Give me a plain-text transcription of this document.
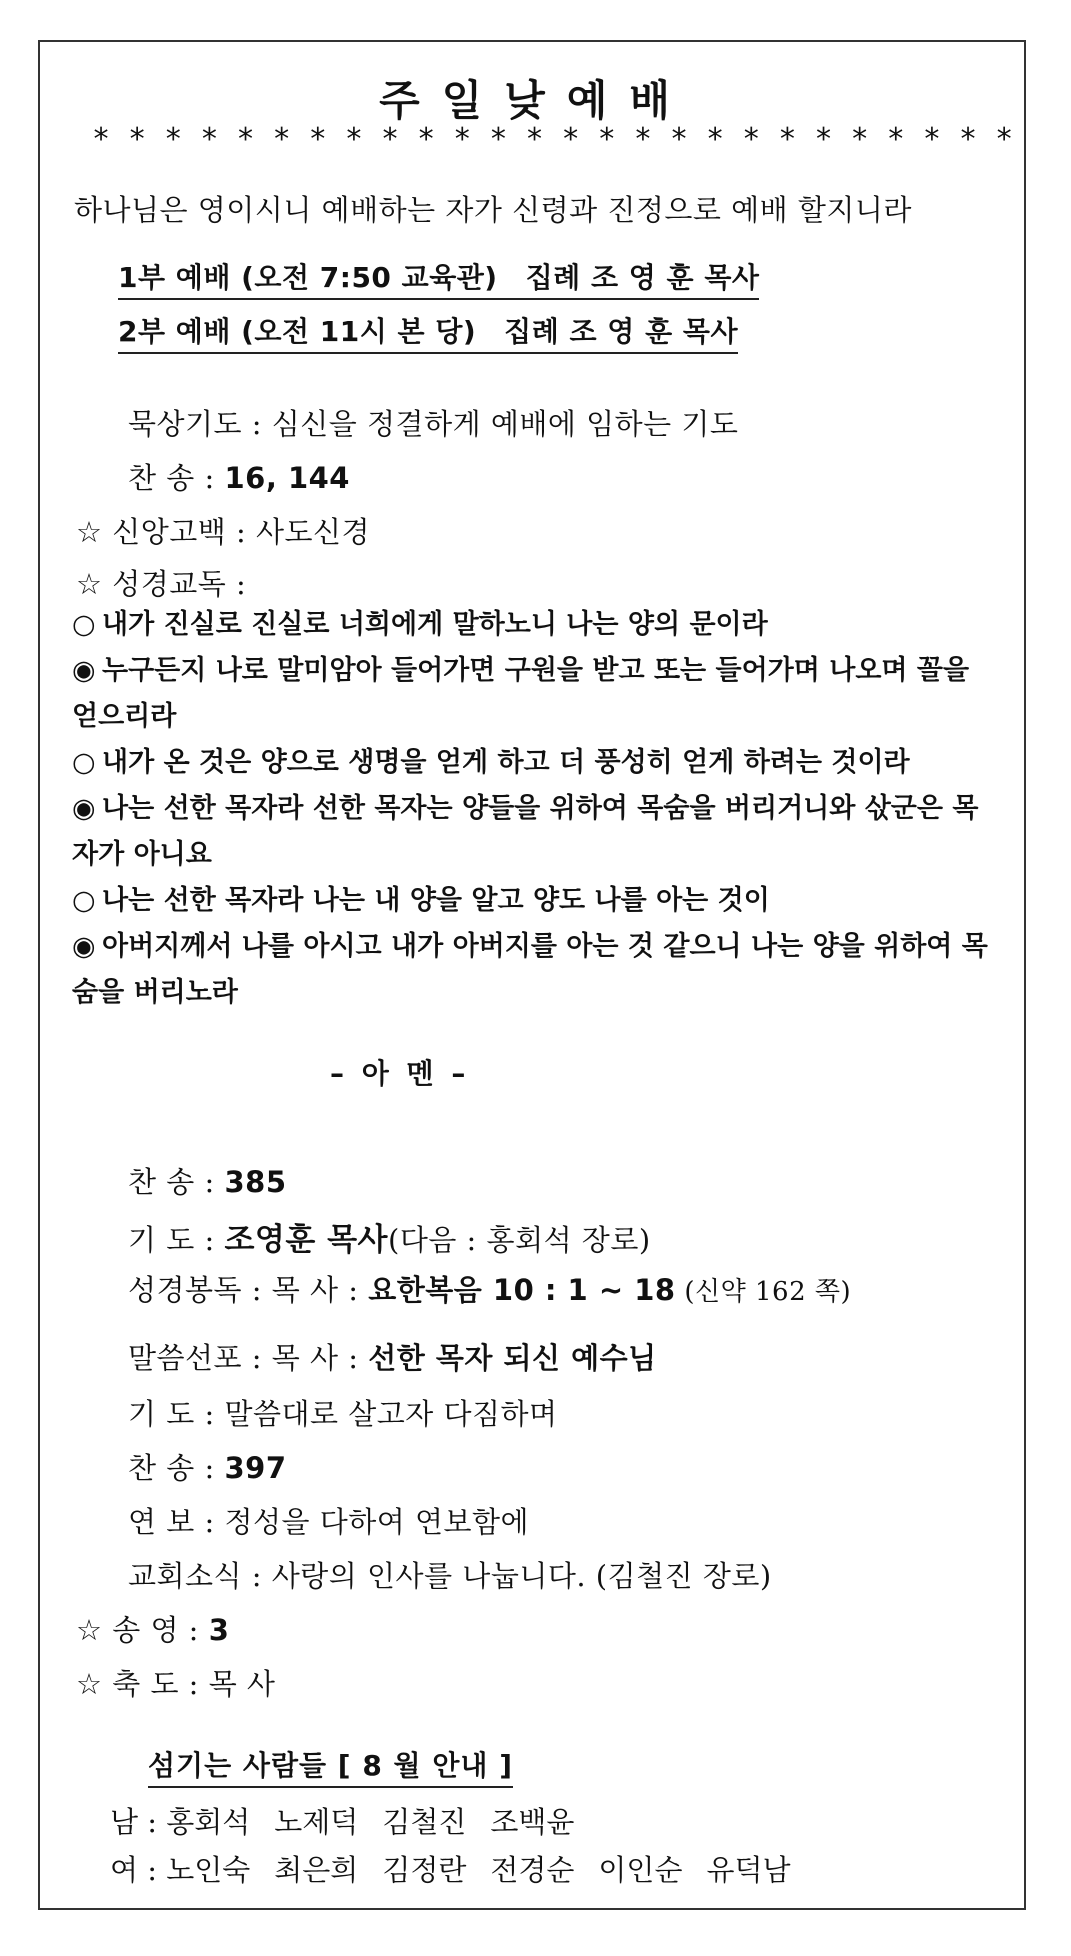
주일낮예배
* * * * * * * * * * * * * * * * * * * * * * * * * *
하나님은 영이시니 예배하는 자가 신령과 진정으로 예배 할지니라
1부 예배 (오전 7:50 교육관) 집례 조 영 훈 목사
2부 예배 (오전 11시 본 당) 집례 조 영 훈 목사
묵상기도 : 심신을 정결하게 예배에 임하는 기도
찬 송 : 16, 144
☆ 신앙고백 : 사도신경
☆ 성경교독 :
○ 내가 진실로 진실로 너희에게 말하노니 나는 양의 문이라
◉ 누구든지 나로 말미암아 들어가면 구원을 받고 또는 들어가며 나오며 꼴을 얻으리라
○ 내가 온 것은 양으로 생명을 얻게 하고 더 풍성히 얻게 하려는 것이라
◉ 나는 선한 목자라 선한 목자는 양들을 위하여 목숨을 버리거니와 삯군은 목자가 아니요
○ 나는 선한 목자라 나는 내 양을 알고 양도 나를 아는 것이
◉ 아버지께서 나를 아시고 내가 아버지를 아는 것 같으니 나는 양을 위하여 목숨을 버리노라
– 아 멘 –
찬 송 : 385
기 도 : 조영훈 목사(다음 : 홍회석 장로)
성경봉독 : 목 사 : 요한복음 10 : 1 ~ 18 (신약 162 쪽)
말씀선포 : 목 사 : 선한 목자 되신 예수님
기 도 : 말씀대로 살고자 다짐하며
찬 송 : 397
연 보 : 정성을 다하여 연보함에
교회소식 : 사랑의 인사를 나눕니다. (김철진 장로)
☆ 송 영 : 3
☆ 축 도 : 목 사
섬기는 사람들 [ 8 월 안내 ]
남 : 홍회석 노제덕 김철진 조백윤
여 : 노인숙 최은희 김정란 전경순 이인순 유덕남
